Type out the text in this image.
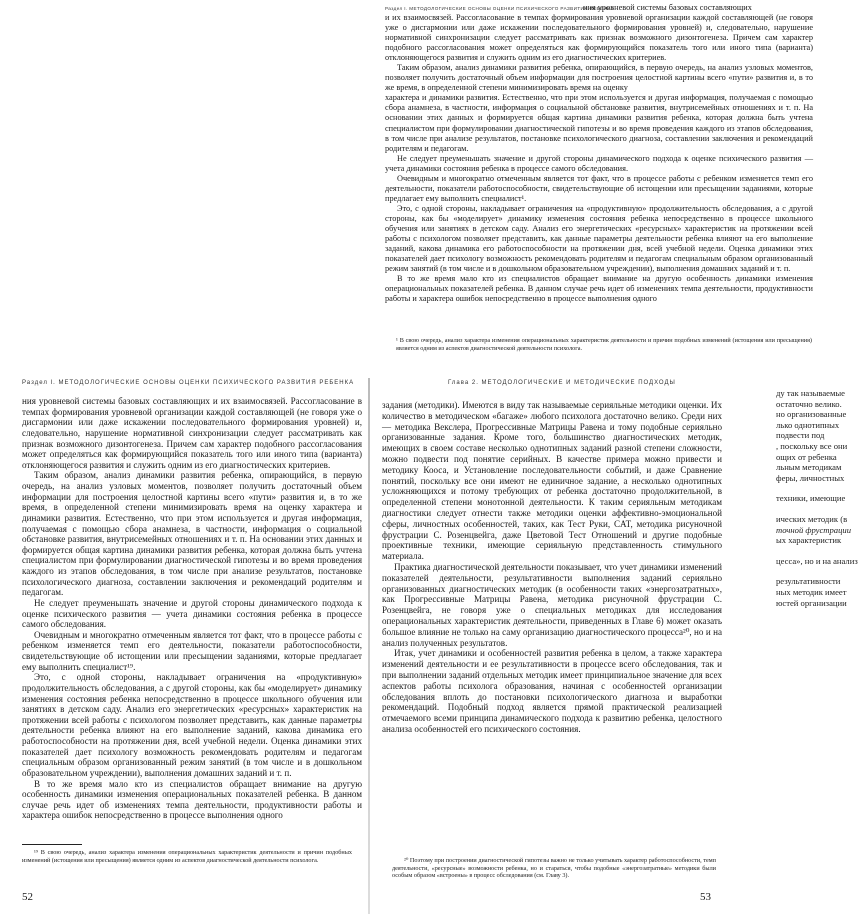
Раздел I. МЕТОДОЛОГИЧЕСКИЕ ОСНОВЫ ОЦЕНКИ ПСИХИЧЕСКОГО РАЗВИТИЯ РЕБЕНКА
ния уровневой системы базовых составляющих

и их взаимосвязей. Рассогласование в темпах формирования уровневой организации каждой составляющей (не говоря уже о дисгармонии или даже искажении последовательного формирования уровней) и, следовательно, нарушение нормативной синхронизации следует рассматривать как признак возможного дизонтогенеза. Причем сам характер подобного рассогласования может определяться как формирующийся показатель того или иного типа (варианта) отклоняющегося развития и служить одним из его диагностических критериев.

Таким образом, анализ динамики развития ребенка, опирающийся, в первую очередь, на анализ узловых моментов, позволяет получить достаточный объем информации для построения целостной картины всего «пути» развития и, в то же время, в определенной степени минимизировать время на оценку

характера и динамики развития. Естественно, что при этом используется и другая информация, получаемая с помощью сбора анамнеза, в частности, информация о социальной обстановке развития, внутрисемейных отношениях и т. п. На основании этих данных и формируется общая картина динамики развития ребенка, которая должна быть учтена специалистом при формулировании диагностической гипотезы и во время проведения каждого из этапов обследования, в том числе при анализе результатов, постановке психологического диагноза, составлении заключения и рекомендаций родителям и педагогам.

Не следует преуменьшать значение и другой стороны динамического подхода к оценке психического развития — учета динамики состояния ребенка в процессе самого обследования.

Очевидным и многократно отмеченным является тот факт, что в процессе работы с ребенком изменяется темп его деятельности, показатели работоспособности, свидетельствующие об истощении или пресыщении заданиями, которые предлагает ему выполнить специалист¹.

Это, с одной стороны, накладывает ограничения на «продуктивную» продолжительность обследования, а с другой стороны, как бы «моделирует» динамику изменения состояния ребенка непосредственно в процессе школьного обучения или занятиях в детском саду. Анализ его энергетических «ресурсных» характеристик на протяжении всей работы с психологом позволяет представить, как данные параметры деятельности ребенка влияют на его выполнение заданий, какова динамика его работоспособности на протяжении дня, всей учебной недели. Оценка динамики этих показателей дает психологу возможность рекомендовать родителям и педагогам специальным образом организованный режим занятий (в том числе и в дошкольном образовательном учреждении), выполнения домашних заданий и т. п.

В то же время мало кто из специалистов обращает внимание на другую особенность динамики изменения операциональных показателей ребенка. В данном случае речь идет об изменениях темпа деятельности, продуктивности работы и характера ошибок непосредственно в процессе выполнения одного

¹ В свою очередь, анализ характера изменения операциональных характеристик деятельности и причин подобных изменений (истощения или пресыщения) является одним из аспектов диагностической деятельности психолога.

Раздел I. МЕТОДОЛОГИЧЕСКИЕ ОСНОВЫ ОЦЕНКИ ПСИХИЧЕСКОГО РАЗВИТИЯ РЕБЕНКА

ния уровневой системы базовых составляющих и их взаимосвязей. Рассогласование в темпах формирования уровневой организации каждой составляющей (не говоря уже о дисгармонии или даже искажении последовательного формирования уровней) и, следовательно, нарушение нормативной синхронизации следует рассматривать как признак возможного дизонтогенеза. Причем сам характер подобного рассогласования может определяться как формирующийся показатель того или иного типа (варианта) отклоняющегося развития и служить одним из его диагностических критериев.

Таким образом, анализ динамики развития ребенка, опирающийся, в первую очередь, на анализ узловых моментов, позволяет получить достаточный объем информации для построения целостной картины всего «пути» развития и, в то же время, в определенной степени минимизировать время на оценку характера и динамики развития. Естественно, что при этом используется и другая информация, получаемая с помощью сбора анамнеза, в частности, информация о социальной обстановке развития, внутрисемейных отношениях и т. п. На основании этих данных и формируется общая картина динамики развития ребенка, которая должна быть учтена специалистом при формулировании диагностической гипотезы и во время проведения каждого из этапов обследования, в том числе при анализе результатов, постановке психологического диагноза, составлении заключения и рекомендаций родителям и педагогам.

Не следует преуменьшать значение и другой стороны динамического подхода к оценке психического развития — учета динамики состояния ребенка в процессе самого обследования.

Очевидным и многократно отмеченным является тот факт, что в процессе работы с ребенком изменяется темп его деятельности, показатели работоспособности, свидетельствующие об истощении или пресыщении заданиями, которые предлагает ему выполнить специалист¹⁹.

Это, с одной стороны, накладывает ограничения на «продуктивную» продолжительность обследования, а с другой стороны, как бы «моделирует» динамику изменения состояния ребенка непосредственно в процессе школьного обучения или занятиях в детском саду. Анализ его энергетических «ресурсных» характеристик на протяжении всей работы с психологом позволяет представить, как данные параметры деятельности ребенка влияют на его выполнение заданий, какова динамика его работоспособности на протяжении дня, всей учебной недели. Оценка динамики этих показателей дает психологу возможность рекомендовать родителям и педагогам специальным образом организованный режим занятий (в том числе и в дошкольном образовательном учреждении), выполнения домашних заданий и т. п.

В то же время мало кто из специалистов обращает внимание на другую особенность динамики изменения операциональных показателей ребенка. В данном случае речь идет об изменениях темпа деятельности, продуктивности работы и характера ошибок непосредственно в процессе выполнения одного

¹⁹ В свою очередь, анализ характера изменения операциональных характеристик деятельности и причин подобных изменений (истощения или пресыщения) является одним из аспектов диагностической деятельности психолога.

52
Глава 2. МЕТОДОЛОГИЧЕСКИЕ И МЕТОДИЧЕСКИЕ ПОДХОДЫ

задания (методики). Имеются в виду так называемые серияльные методики оценки. Их количество в методическом «багаже» любого психолога достаточно велико. Среди них — методика Векслера, Прогрессивные Матрицы Равена и тому подобные серияльно организованные задания. Кроме того, большинство диагностических методик, имеющих в своем составе несколько однотипных заданий разной степени сложности, можно подвести под понятие серийных. В качестве примера можно привести и методику Кооса, и Установление последовательности событий, и даже Сравнение понятий, поскольку все они имеют не единичное задание, а несколько однотипных усложняющихся и потому требующих от ребенка достаточно продолжительной, в определенной степени монотонной деятельности. К таким серияльным методикам диагностики следует отнести также методики оценки аффективно-эмоциональной сферы, личностных особенностей, таких, как Тест Руки, CAT, методика рисуночной фрустрации С. Розенцвейга, даже Цветовой Тест Отношений и другие подобные проективные техники, имеющие серияльную представленность стимульного материала.

Практика диагностической деятельности показывает, что учет динамики изменений показателей деятельности, результативности выполнения заданий серияльно организованных диагностических методик (в особенности таких «энергозатратных», как Прогрессивные Матрицы Равена, методика рисуночной фрустрации С. Розенцвейга, не говоря уже о специальных методиках для исследования операциональных характеристик деятельности, приведенных в Главе 6) может оказать большое влияние не только на саму организацию диагностического процесса²⁰, но и на анализ полученных результатов.

Итак, учет динамики и особенностей развития ребенка в целом, а также характера изменений деятельности и ее результативности в процессе всего обследования, так и при выполнении заданий отдельных методик имеет принципиальное значение для всех аспектов работы психолога образования, начиная с особенностей организации обследования вплоть до постановки психологического диагноза и выработки рекомендаций. Подобный подход является прямой практической реализацией отмечаемого всеми принципа динамического подхода к развитию ребенка, целостного анализа особенностей его психического состояния.

²⁰ Поэтому при построении диагностической гипотезы важно не только учитывать характер работоспособности, темп деятельности, «ресурсные» возможности ребенка, но и стараться, чтобы подобные «энергозатратные» методики были особым образом «встроены» в процесс обследования (см. Главу 3).

53
ду так называемые
остаточно велико.
но организованные
лько однотипных
подвести под
, поскольку все они
ощих от ребенка
льным методикам
феры, личностных
техники, имеющие
ических методик (в
точной фрустрации
ых характеристик
цесса», но и на анализ
результативности
ных методик имеет
юстей организации
